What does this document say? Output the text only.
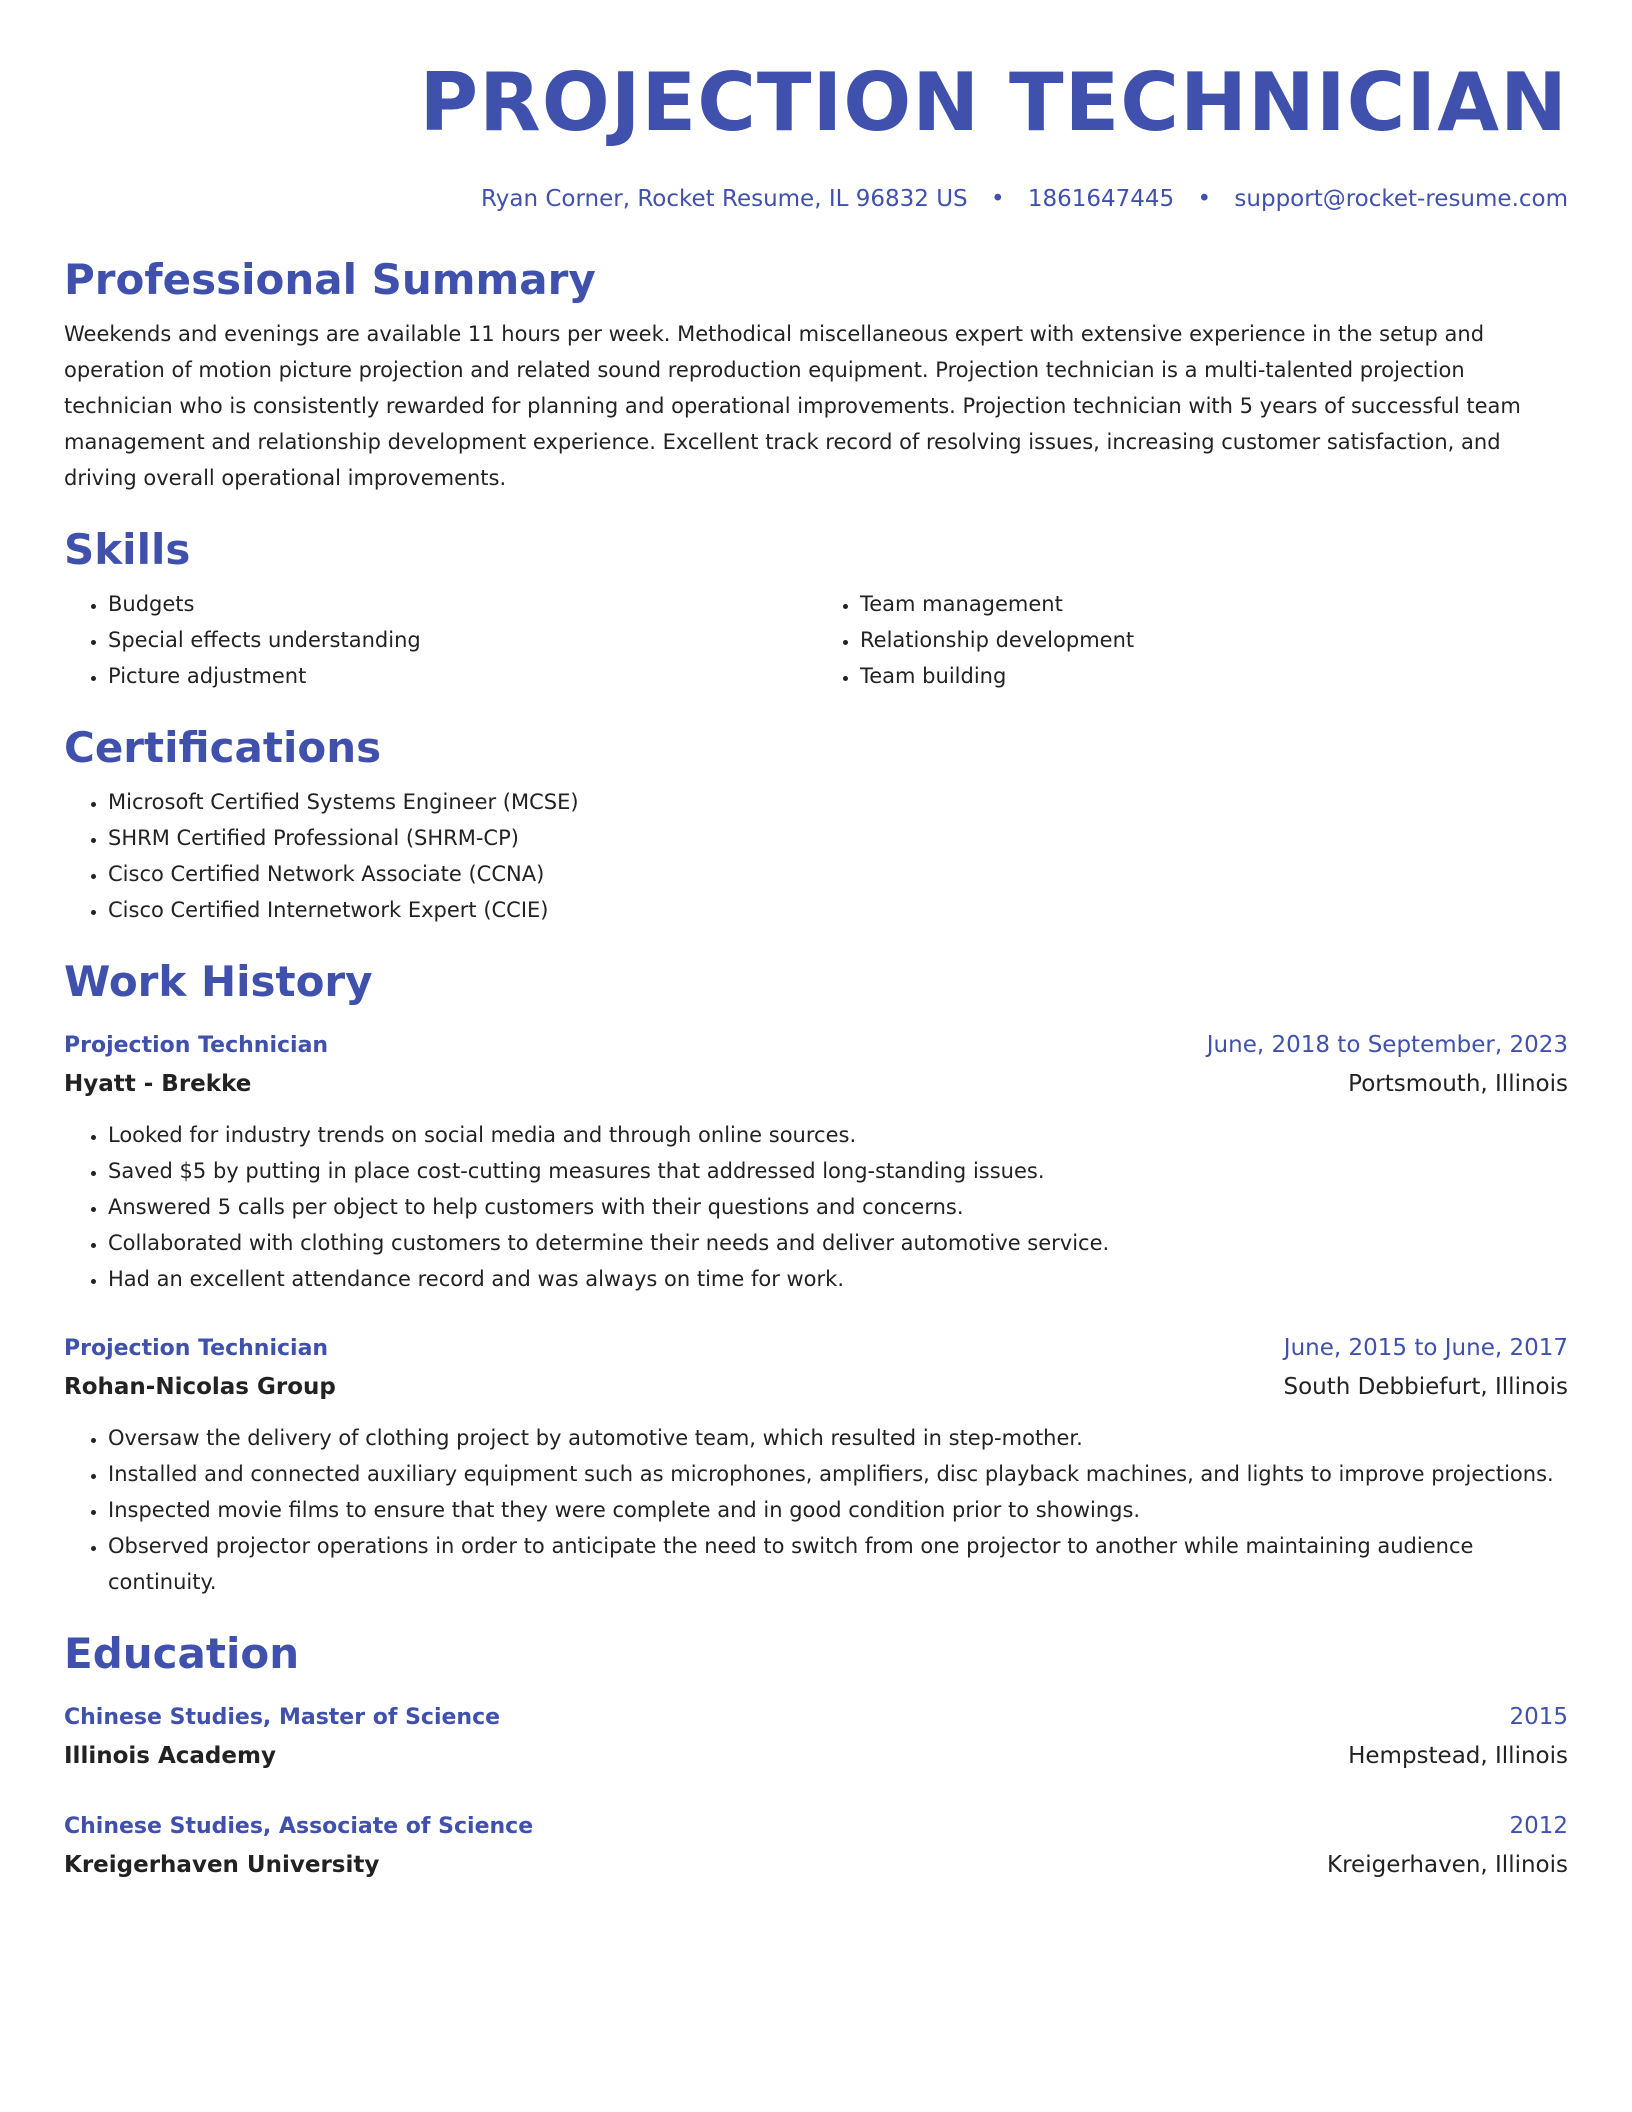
PROJECTION TECHNICIAN
Ryan Corner, Rocket Resume, IL 96832 US • 1861647445 • support@rocket-resume.com
Professional Summary

Weekends and evenings are available 11 hours per week. Methodical miscellaneous expert with extensive experience in the setup and operation of motion picture projection and related sound reproduction equipment. Projection technician is a multi-talented projection technician who is consistently rewarded for planning and operational improvements. Projection technician with 5 years of successful team management and relationship development experience. Excellent track record of resolving issues, increasing customer satisfaction, and driving overall operational improvements.

Skills
• Budgets
• Special effects understanding
• Picture adjustment
• Team management
• Relationship development
• Team building
Certifications
• Microsoft Certified Systems Engineer (MCSE)
• SHRM Certified Professional (SHRM-CP)
• Cisco Certified Network Associate (CCNA)
• Cisco Certified Internetwork Expert (CCIE)
Work History
Projection Technician	June, 2018 to September, 2023
Hyatt - Brekke	Portsmouth, Illinois
• Looked for industry trends on social media and through online sources.
• Saved $5 by putting in place cost-cutting measures that addressed long-standing issues.
• Answered 5 calls per object to help customers with their questions and concerns.
• Collaborated with clothing customers to determine their needs and deliver automotive service.
• Had an excellent attendance record and was always on time for work.
Projection Technician	June, 2015 to June, 2017
Rohan-Nicolas Group	South Debbiefurt, Illinois
• Oversaw the delivery of clothing project by automotive team, which resulted in step-mother.
• Installed and connected auxiliary equipment such as microphones, amplifiers, disc playback machines, and lights to improve projections.
• Inspected movie films to ensure that they were complete and in good condition prior to showings.
• Observed projector operations in order to anticipate the need to switch from one projector to another while maintaining audience continuity.
Education
Chinese Studies, Master of Science	2015
Illinois Academy	Hempstead, Illinois
Chinese Studies, Associate of Science	2012
Kreigerhaven University	Kreigerhaven, Illinois
